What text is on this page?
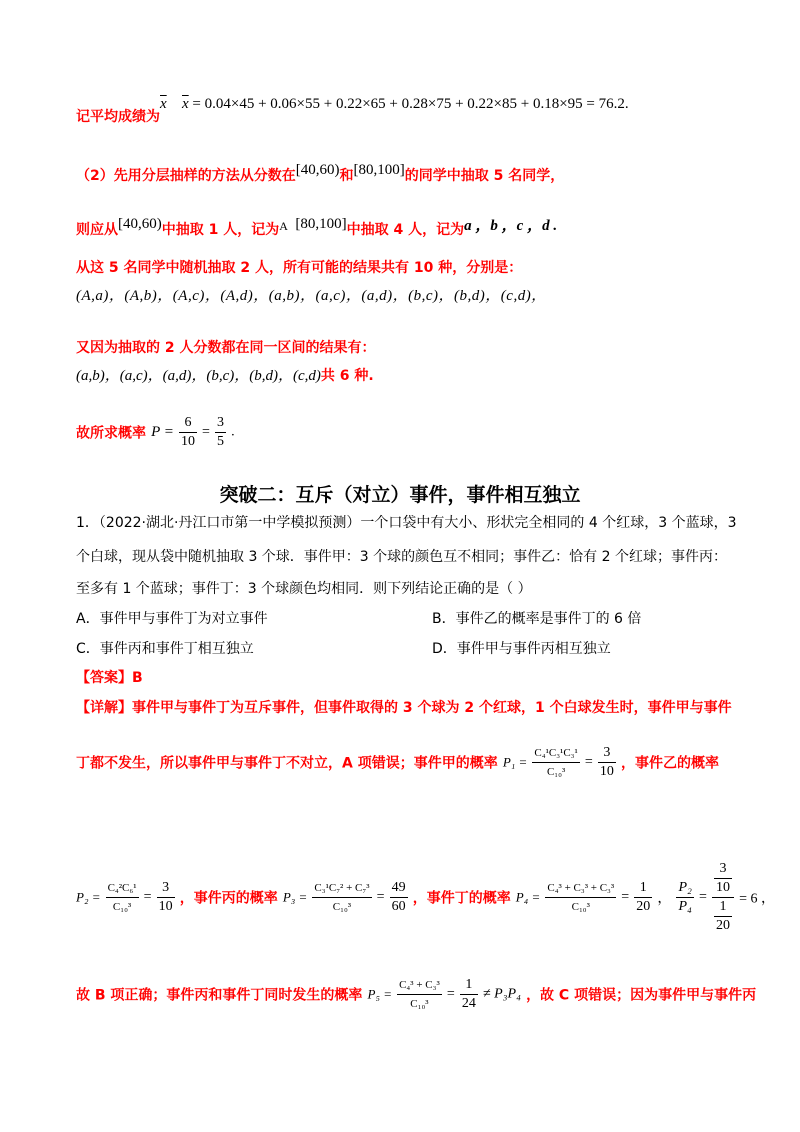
记平均成绩为
$\overline{x}$ $\overline{x} = 0.04\times 45 + 0.06\times 55 + 0.22\times 65 + 0.28\times 75 + 0.22\times 85 + 0.18\times 95 = 76.2$.
（2）先用分层抽样的方法从分数在[40,60)和[80,100]的同学中抽取 5 名同学，
则应从[40,60)中抽取 1 人，记为A [80,100]中抽取 4 人，记为a ，b ，c ，d .
从这 5 名同学中随机抽取 2 人，所有可能的结果共有 10 种，分别是：
(A,a)，(A,b)，(A,c)，(A,d)，(a,b)，(a,c)，(a,d)，(b,c)，(b,d)，(c,d)，
又因为抽取的 2 人分数都在同一区间的结果有：
(a,b)，(a,c)，(a,d)，(b,c)，(b,d)，(c,d)共 6 种.
故所求概率 $P = \frac{6}{10} = \frac{3}{5}$ .
突破二：互斥（对立）事件，事件相互独立
1．（2022·湖北·丹江口市第一中学模拟预测）一个口袋中有大小、形状完全相同的 4 个红球，3 个蓝球，3
个白球，现从袋中随机抽取 3 个球．事件甲：3 个球的颜色互不相同；事件乙：恰有 2 个红球；事件丙：
至多有 1 个蓝球；事件丁：3 个球颜色均相同．则下列结论正确的是（ ）
A．事件甲与事件丁为对立事件	B．事件乙的概率是事件丁的 6 倍
C．事件丙和事件丁相互独立	D．事件甲与事件丙相互独立
【答案】B
【详解】事件甲与事件丁为互斥事件，但事件取得的 3 个球为 2 个红球，1 个白球发生时，事件甲与事件
丁都不发生，所以事件甲与事件丁不对立，A 项错误；事件甲的概率 $P_1 = \frac{\text{C₄¹C₃¹C₃¹}}{\text{C₁₀³}} = \frac{3}{10}$ ，事件乙的概率
$P_2 = \frac{\text{C₄²C₆¹}}{\text{C₁₀³}} = \frac{3}{10}$ ，事件丙的概率 $P_3 = \frac{\text{C₃¹C₇² + C₇³}}{\text{C₁₀³}} = \frac{49}{60}$ ，事件丁的概率 $P_4 = \frac{\text{C₄³ + C₃³ + C₃³}}{\text{C₁₀³}} = \frac{1}{20}$ ， $\frac{\text{P₂}}{\text{P₄}} = \frac{\frac{3}{10}}{\frac{1}{20}} = 6$ ，
故 B 项正确；事件丙和事件丁同时发生的概率 $P_5 = \frac{\text{C₄³ + C₃³}}{\text{C₁₀³}} = \frac{1}{24} \ne P_3P_4$ ，故 C 项错误；因为事件甲与事件丙
